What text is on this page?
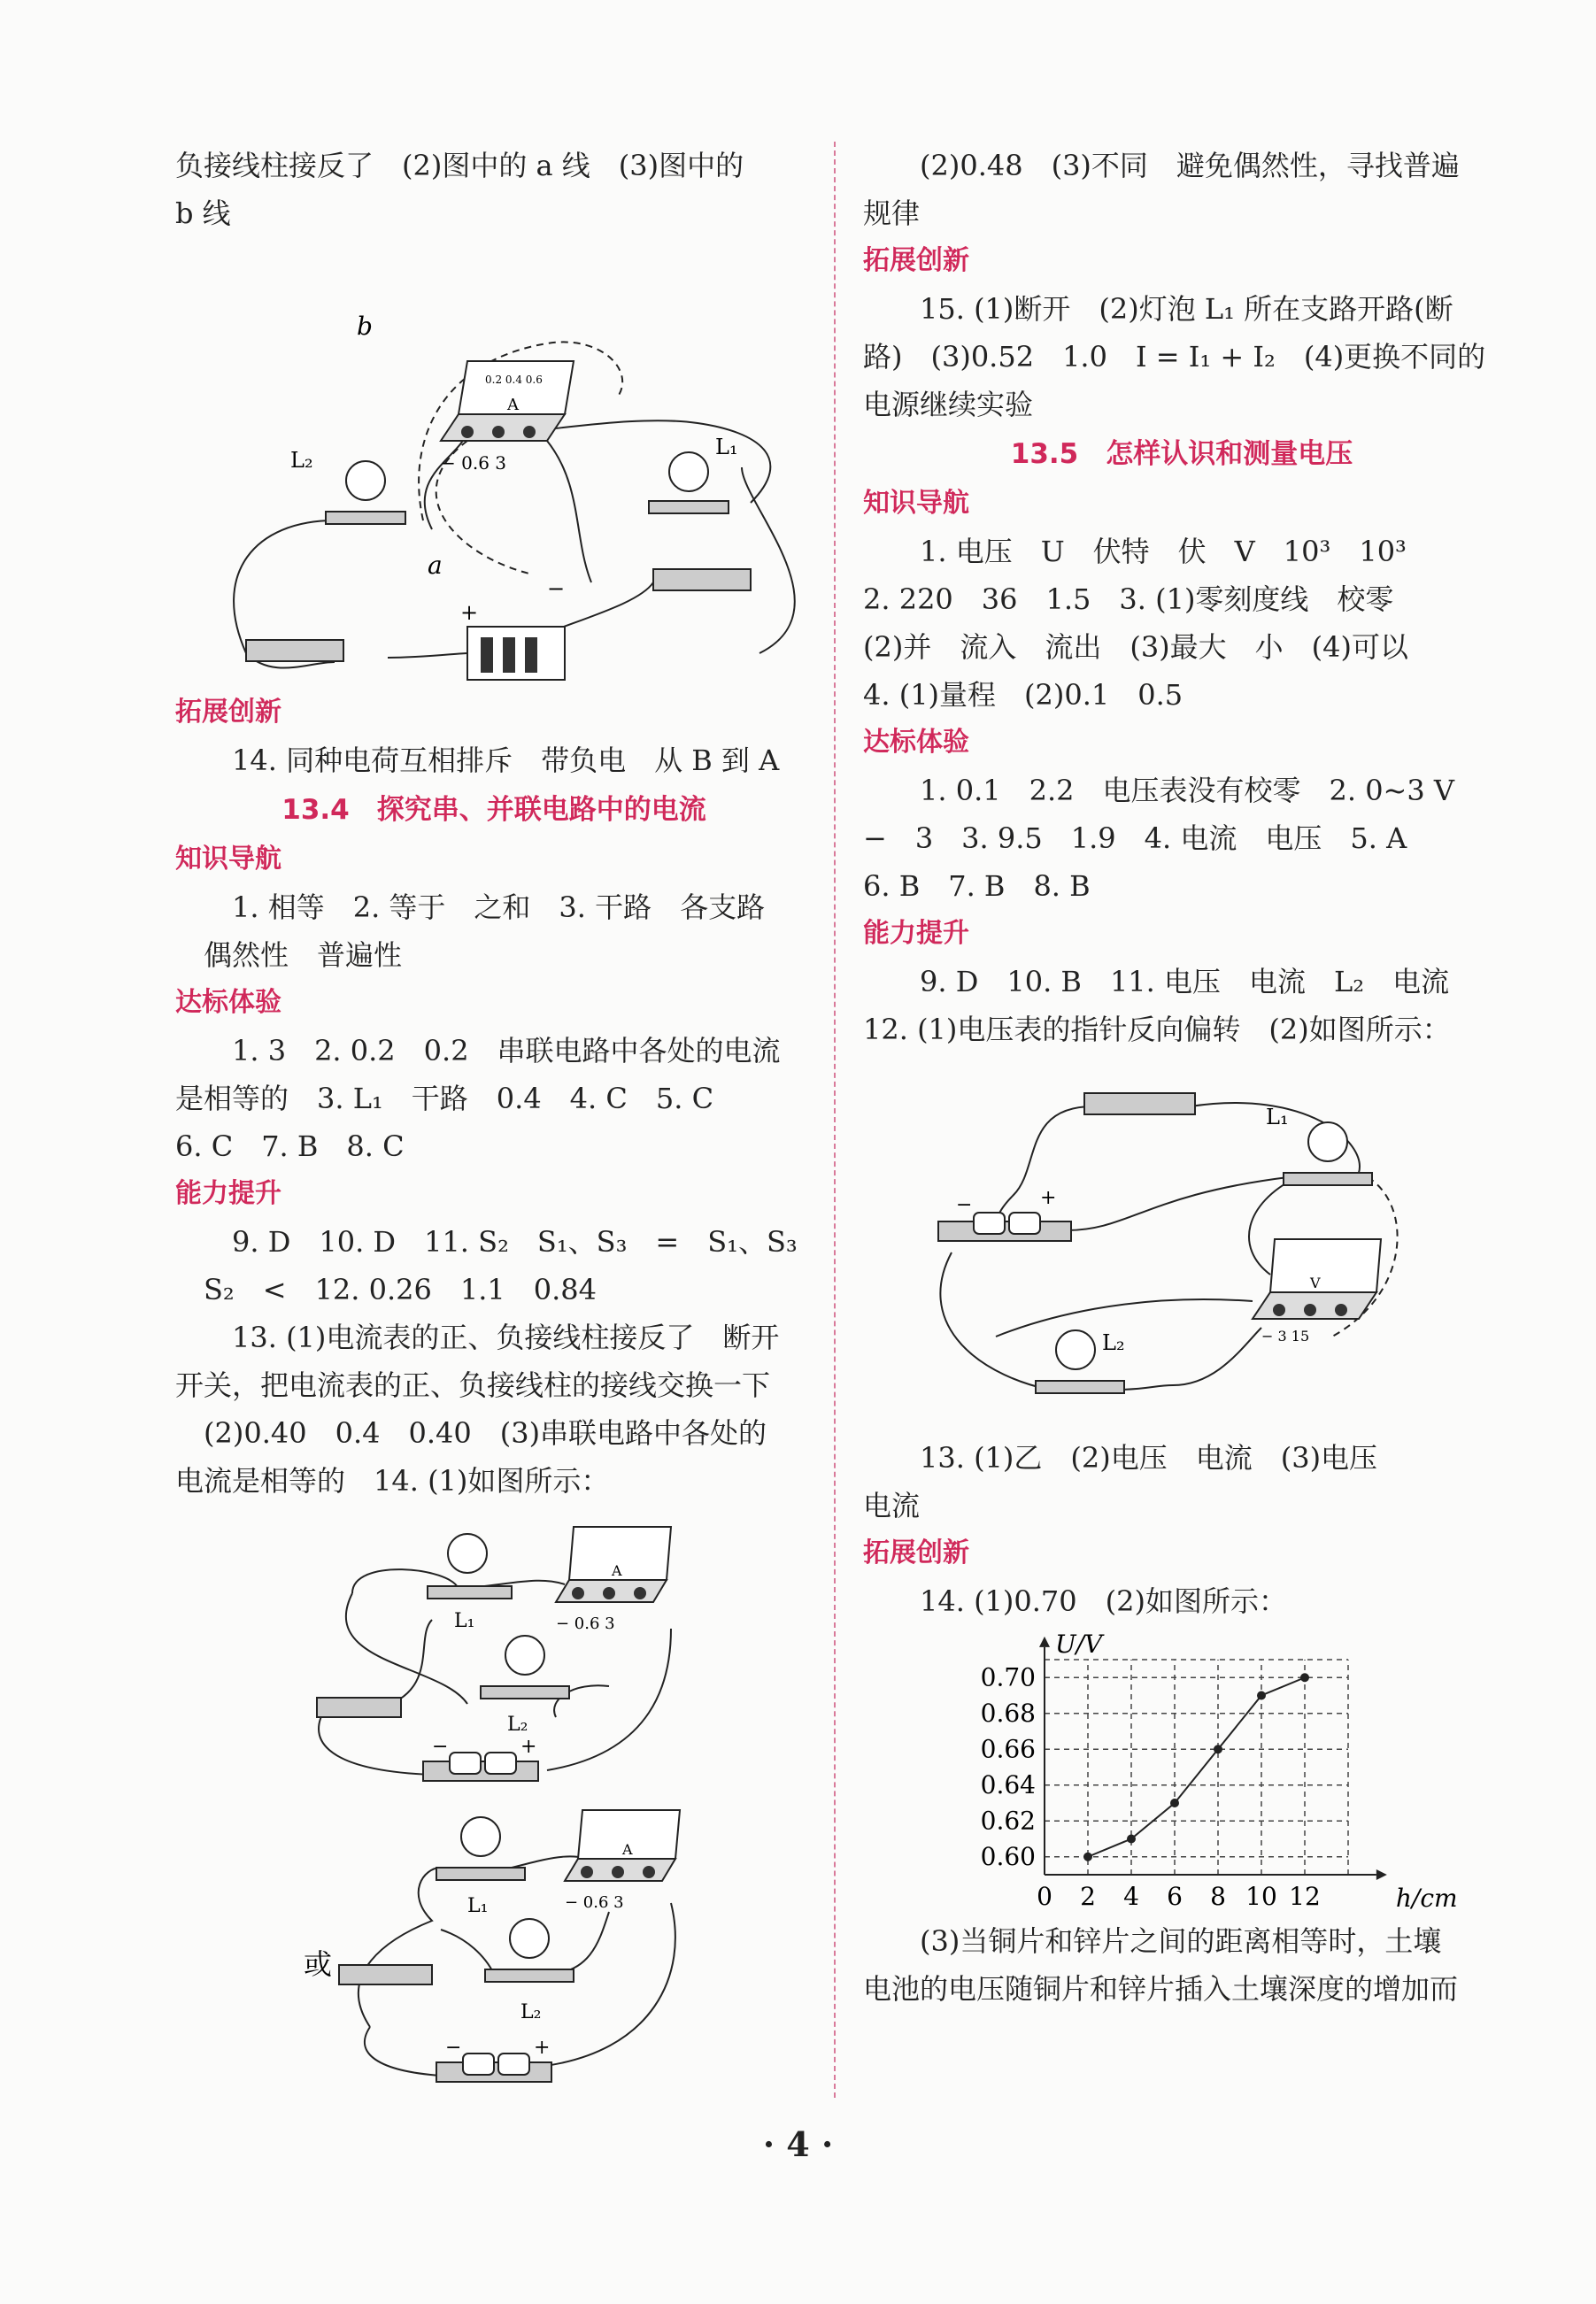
负接线柱接反了　(2)图中的 a 线　(3)图中的

b 线

A
0.2 0.4 0.6
− 0.6 3
L₂
L₁
+
−
b
a

拓展创新

14. 同种电荷互相排斥　带负电　从 B 到 A

13.4　探究串、并联电路中的电流

知识导航

1. 相等　2. 等于　之和　3. 干路　各支路

偶然性　普遍性

达标体验

1. 3　2. 0.2　0.2　串联电路中各处的电流

是相等的　3. L₁　干路　0.4　4. C　5. C

6. C　7. B　8. C

能力提升

9. D　10. D　11. S₂　S₁、S₃　=　S₁、S₃

S₂　<　12. 0.26　1.1　0.84

13. (1)电流表的正、负接线柱接反了　断开

开关，把电流表的正、负接线柱的接线交换一下

(2)0.40　0.4　0.40　(3)串联电路中各处的

电流是相等的　14. (1)如图所示：

L₁
L₂
A
− 0.6 3
−	+
L₁
L₂
A
− 0.6 3
或
−	+

(2)0.48　(3)不同　避免偶然性，寻找普遍

规律

拓展创新

15. (1)断开　(2)灯泡 L₁ 所在支路开路(断

路)　(3)0.52　1.0　I = I₁ + I₂　(4)更换不同的

电源继续实验

13.5　怎样认识和测量电压

知识导航

1. 电压　U　伏特　伏　V　10³　10³

2. 220　36　1.5　3. (1)零刻度线　校零

(2)并　流入　流出　(3)最大　小　(4)可以

4. (1)量程　(2)0.1　0.5

达标体验

1. 0.1　2.2　电压表没有校零　2. 0~3 V

−　3　3. 9.5　1.9　4. 电流　电压　5. A

6. B　7. B　8. B

能力提升

9. D　10. B　11. 电压　电流　L₂　电流

12. (1)电压表的指针反向偏转　(2)如图所示：

L₁
L₂
V
− 3 15
−	+

13. (1)乙　(2)电压　电流　(3)电压

电流

拓展创新

14. (1)0.70　(2)如图所示：

0 2 4 6 8 10 12
0.60
0.62
0.64
0.66
0.68
0.70
h/cm
U/V

(3)当铜片和锌片之间的距离相等时，土壤

电池的电压随铜片和锌片插入土壤深度的增加而

· 4 ·
